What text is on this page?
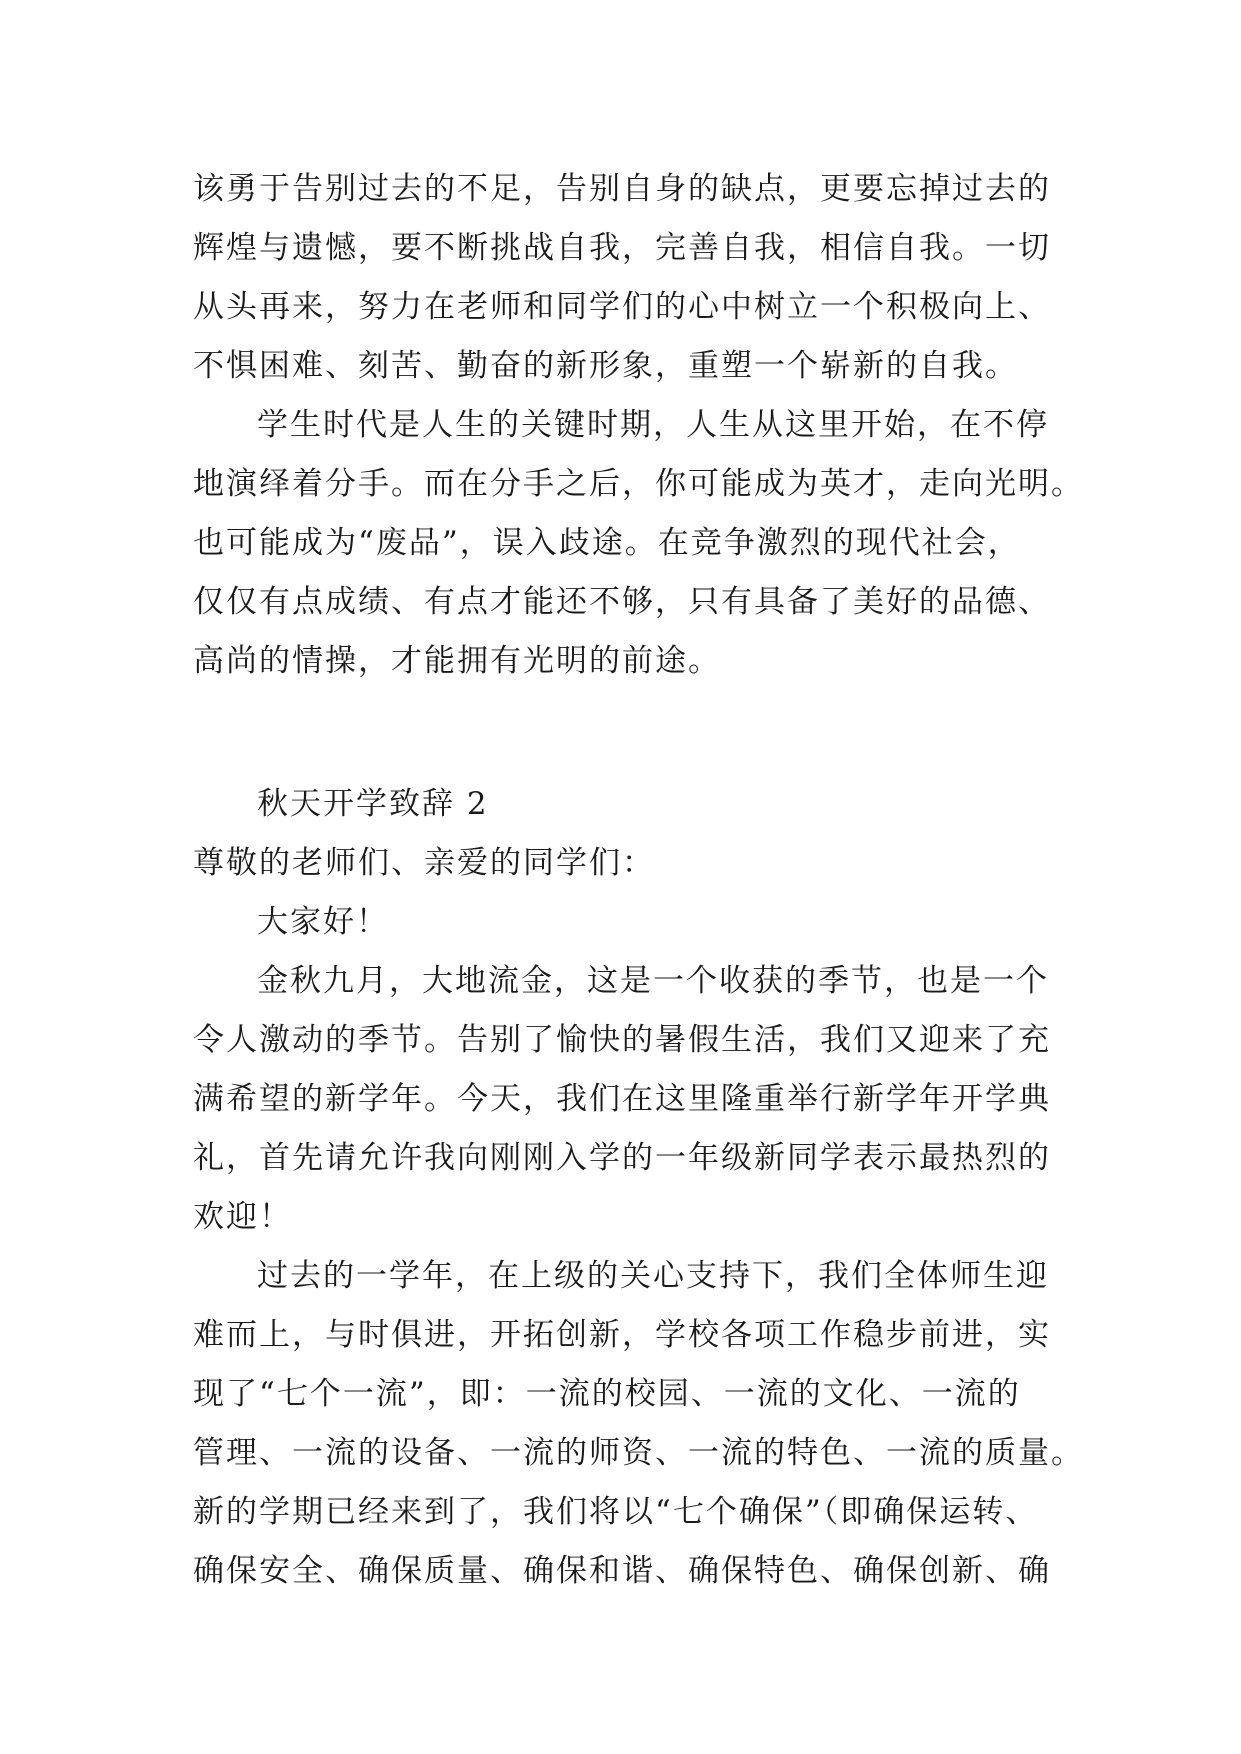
该勇于告别过去的不足，告别自身的缺点，更要忘掉过去的
辉煌与遗憾，要不断挑战自我，完善自我，相信自我。一切
从头再来，努力在老师和同学们的心中树立一个积极向上、
不惧困难、刻苦、勤奋的新形象，重塑一个崭新的自我。
学生时代是人生的关键时期，人生从这里开始，在不停
地演绎着分手。而在分手之后，你可能成为英才，走向光明。
也可能成为“废品”，误入歧途。在竞争激烈的现代社会，
仅仅有点成绩、有点才能还不够，只有具备了美好的品德、
高尚的情操，才能拥有光明的前途。
秋天开学致辞 2
尊敬的老师们、亲爱的同学们：
大家好！
金秋九月，大地流金，这是一个收获的季节，也是一个
令人激动的季节。告别了愉快的暑假生活，我们又迎来了充
满希望的新学年。今天，我们在这里隆重举行新学年开学典
礼，首先请允许我向刚刚入学的一年级新同学表示最热烈的
欢迎！
过去的一学年，在上级的关心支持下，我们全体师生迎
难而上，与时俱进，开拓创新，学校各项工作稳步前进，实
现了“七个一流”，即：一流的校园、一流的文化、一流的
管理、一流的设备、一流的师资、一流的特色、一流的质量。
新的学期已经来到了，我们将以“七个确保”（即确保运转、
确保安全、确保质量、确保和谐、确保特色、确保创新、确
